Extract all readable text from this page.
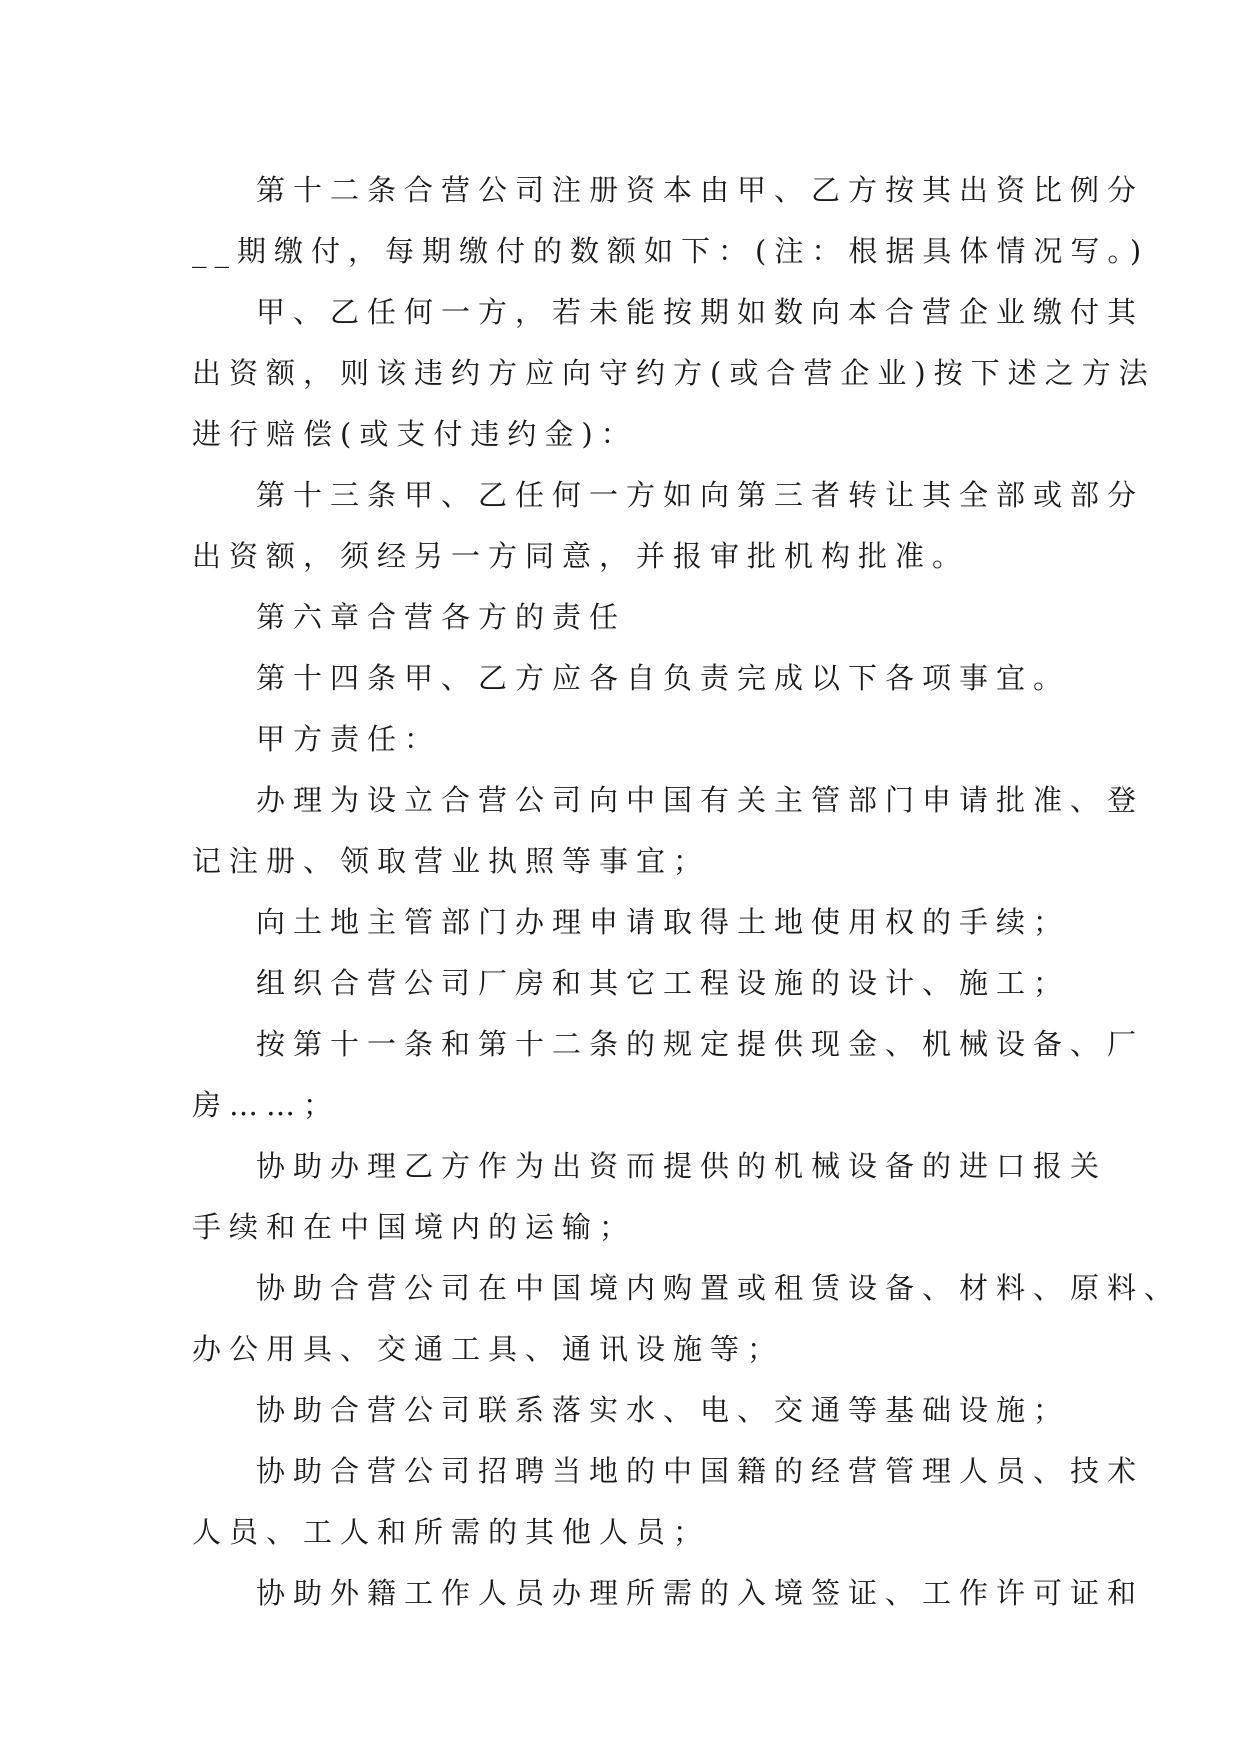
第十二条合营公司注册资本由甲、乙方按其出资比例分
__期缴付，每期缴付的数额如下：(注：根据具体情况写。)
甲、乙任何一方，若未能按期如数向本合营企业缴付其
出资额，则该违约方应向守约方(或合营企业)按下述之方法
进行赔偿(或支付违约金)：
第十三条甲、乙任何一方如向第三者转让其全部或部分
出资额，须经另一方同意，并报审批机构批准。
第六章合营各方的责任
第十四条甲、乙方应各自负责完成以下各项事宜。
甲方责任：
办理为设立合营公司向中国有关主管部门申请批准、登
记注册、领取营业执照等事宜；
向土地主管部门办理申请取得土地使用权的手续；
组织合营公司厂房和其它工程设施的设计、施工；
按第十一条和第十二条的规定提供现金、机械设备、厂
房……；
协助办理乙方作为出资而提供的机械设备的进口报关
手续和在中国境内的运输；
协助合营公司在中国境内购置或租赁设备、材料、原料、
办公用具、交通工具、通讯设施等；
协助合营公司联系落实水、电、交通等基础设施；
协助合营公司招聘当地的中国籍的经营管理人员、技术
人员、工人和所需的其他人员；
协助外籍工作人员办理所需的入境签证、工作许可证和
